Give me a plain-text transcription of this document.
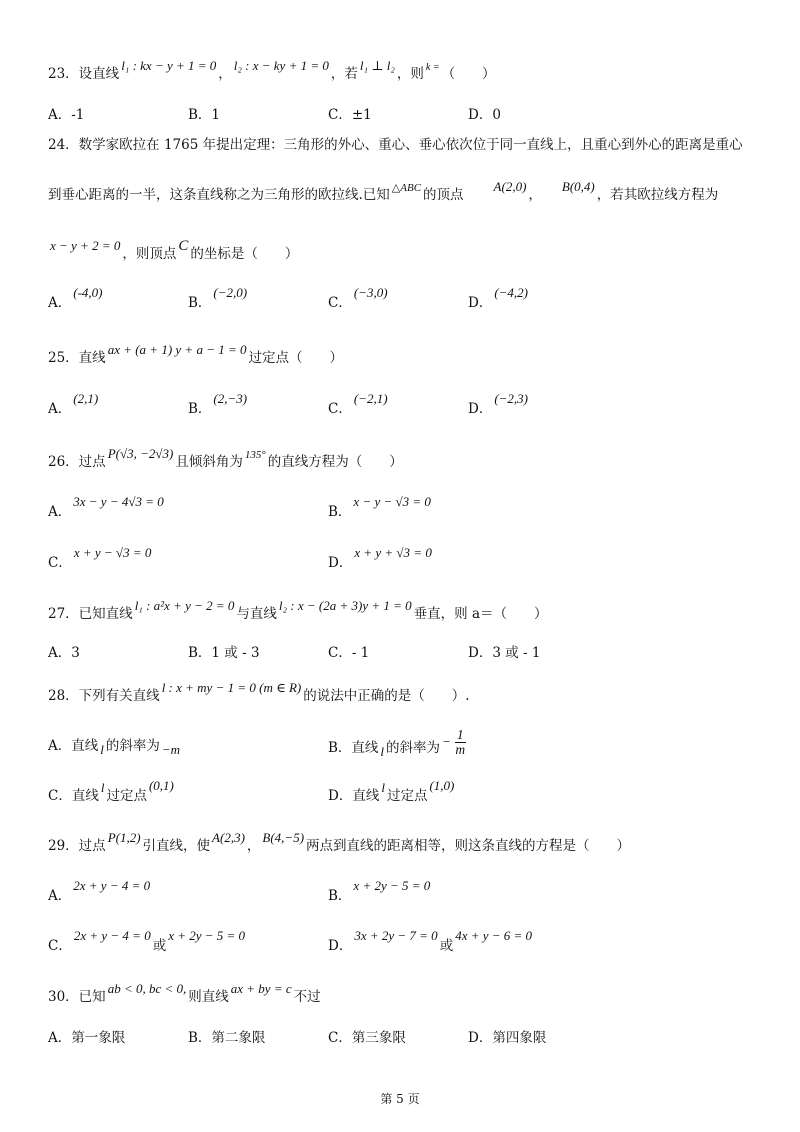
23．设直线l₁ : kx − y + 1 = 0，l₂ : x − ky + 1 = 0，若l₁ ⊥ l₂，则 k = （　　）
A．-1	B．1	C．±1	D．0
24．数学家欧拉在 1765 年提出定理：三角形的外心、重心、垂心依次位于同一直线上，且重心到外心的距离是重心
到垂心距离的一半，这条直线称之为三角形的欧拉线.已知 △ABC 的顶点A(2,0)，B(0,4)，若其欧拉线方程为
x − y + 2 = 0，则顶点 C 的坐标是（　　）
A．(-4,0)
B．(−2,0)
C．(−3,0)
D．(−4,2)
25．直线ax + (a + 1) y + a − 1 = 0过定点（　　）
A．(2,1)
B．(2,−3)
C．(−2,1)
D．(−2,3)
26．过点P(√3, −2√3)且倾斜角为 135° 的直线方程为（　　）
A．3x − y − 4√3 = 0
B．x − y − √3 = 0
C．x + y − √3 = 0
D．x + y + √3 = 0
27．已知直线l₁ : a²x + y − 2 = 0与直线l₂ : x − (2a + 3)y + 1 = 0垂直，则 a＝（　　）
A．3	B．1 或 - 3	C．- 1	D．3 或 - 1
28．下列有关直线l : x + my − 1 = 0 (m ∈ R)的说法中正确的是（　　）.
A．直线 l 的斜率为 −m	B．直线 l 的斜率为 − $\frac{1}{m}$
C．直线l过定点(0,1)
D．直线l过定点(1,0)
29．过点P(1,2)引直线，使A(2,3)，B(4,−5)两点到直线的距离相等，则这条直线的方程是（　　）
A．2x + y − 4 = 0
B．x + 2y − 5 = 0
C．2x + y − 4 = 0或x + 2y − 5 = 0
D．3x + 2y − 7 = 0或4x + y − 6 = 0
30．已知ab < 0, bc < 0,则直线ax + by = c不过
A．第一象限	B．第二象限	C．第三象限	D．第四象限
第 5 页
